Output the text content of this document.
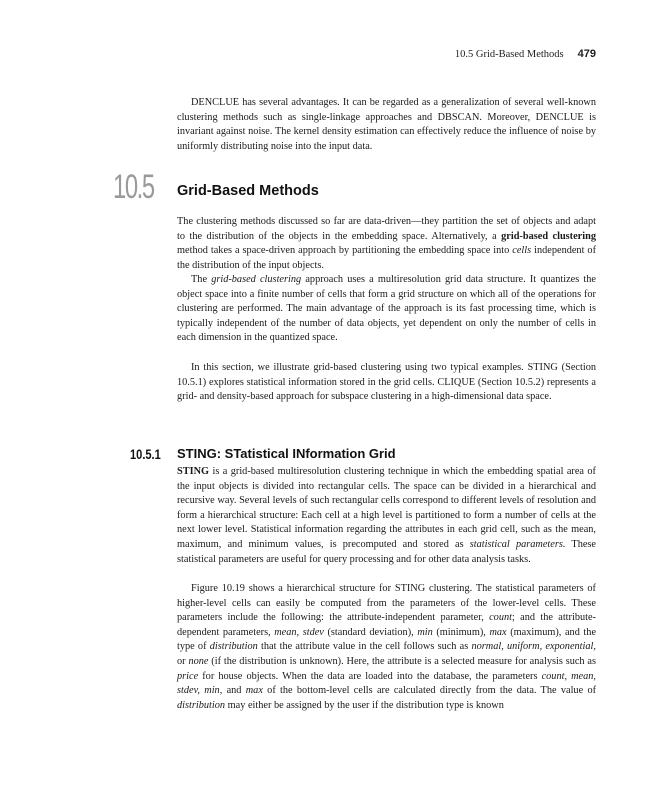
10.5 Grid-Based Methods 479

DENCLUE has several advantages. It can be regarded as a generalization of several well-known clustering methods such as single-linkage approaches and DBSCAN. Moreover, DENCLUE is invariant against noise. The kernel density estimation can effectively reduce the influence of noise by uniformly distributing noise into the input data.

10.5 Grid-Based Methods

The clustering methods discussed so far are data-driven—they partition the set of objects and adapt to the distribution of the objects in the embedding space. Alternatively, a grid-based clustering method takes a space-driven approach by partitioning the embedding space into cells independent of the distribution of the input objects.

The grid-based clustering approach uses a multiresolution grid data structure. It quantizes the object space into a finite number of cells that form a grid structure on which all of the operations for clustering are performed. The main advantage of the approach is its fast processing time, which is typically independent of the number of data objects, yet dependent on only the number of cells in each dimension in the quantized space.

In this section, we illustrate grid-based clustering using two typical examples. STING (Section 10.5.1) explores statistical information stored in the grid cells. CLIQUE (Section 10.5.2) represents a grid- and density-based approach for subspace clustering in a high-dimensional data space.

10.5.1 STING: STatistical INformation Grid

STING is a grid-based multiresolution clustering technique in which the embedding spatial area of the input objects is divided into rectangular cells. The space can be divided in a hierarchical and recursive way. Several levels of such rectangular cells correspond to different levels of resolution and form a hierarchical structure: Each cell at a high level is partitioned to form a number of cells at the next lower level. Statistical information regarding the attributes in each grid cell, such as the mean, maximum, and minimum values, is precomputed and stored as statistical parameters. These statistical parameters are useful for query processing and for other data analysis tasks.

Figure 10.19 shows a hierarchical structure for STING clustering. The statistical parameters of higher-level cells can easily be computed from the parameters of the lower-level cells. These parameters include the following: the attribute-independent parameter, count; and the attribute-dependent parameters, mean, stdev (standard deviation), min (minimum), max (maximum), and the type of distribution that the attribute value in the cell follows such as normal, uniform, exponential, or none (if the distribution is unknown). Here, the attribute is a selected measure for analysis such as price for house objects. When the data are loaded into the database, the parameters count, mean, stdev, min, and max of the bottom-level cells are calculated directly from the data. The value of distribution may either be assigned by the user if the distribution type is known
